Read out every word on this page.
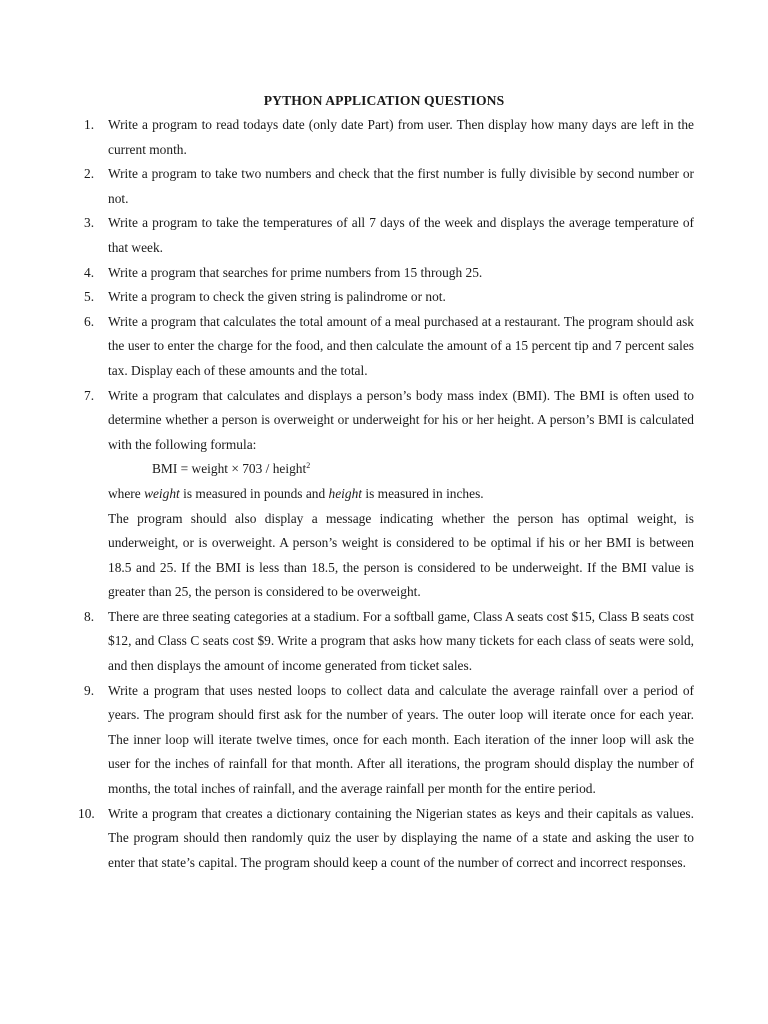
PYTHON APPLICATION QUESTIONS
1. Write a program to read todays date (only date Part) from user. Then display how many days are left in the current month.
2. Write a program to take two numbers and check that the first number is fully divisible by second number or not.
3. Write a program to take the temperatures of all 7 days of the week and displays the average temperature of that week.
4. Write a program that searches for prime numbers from 15 through 25.
5. Write a program to check the given string is palindrome or not.
6. Write a program that calculates the total amount of a meal purchased at a restaurant. The program should ask the user to enter the charge for the food, and then calculate the amount of a 15 percent tip and 7 percent sales tax. Display each of these amounts and the total.
7. Write a program that calculates and displays a person’s body mass index (BMI). The BMI is often used to determine whether a person is overweight or underweight for his or her height. A person’s BMI is calculated with the following formula:
BMI = weight × 703 / height$^2$
where weight is measured in pounds and height is measured in inches.
The program should also display a message indicating whether the person has optimal weight, is underweight, or is overweight. A person’s weight is considered to be optimal if his or her BMI is between 18.5 and 25. If the BMI is less than 18.5, the person is considered to be underweight. If the BMI value is greater than 25, the person is considered to be overweight.
8. There are three seating categories at a stadium. For a softball game, Class A seats cost $15, Class B seats cost $12, and Class C seats cost $9. Write a program that asks how many tickets for each class of seats were sold, and then displays the amount of income generated from ticket sales.
9. Write a program that uses nested loops to collect data and calculate the average rainfall over a period of years. The program should first ask for the number of years. The outer loop will iterate once for each year. The inner loop will iterate twelve times, once for each month. Each iteration of the inner loop will ask the user for the inches of rainfall for that month. After all iterations, the program should display the number of months, the total inches of rainfall, and the average rainfall per month for the entire period.
10. Write a program that creates a dictionary containing the Nigerian states as keys and their capitals as values. The program should then randomly quiz the user by displaying the name of a state and asking the user to enter that state’s capital. The program should keep a count of the number of correct and incorrect responses.
